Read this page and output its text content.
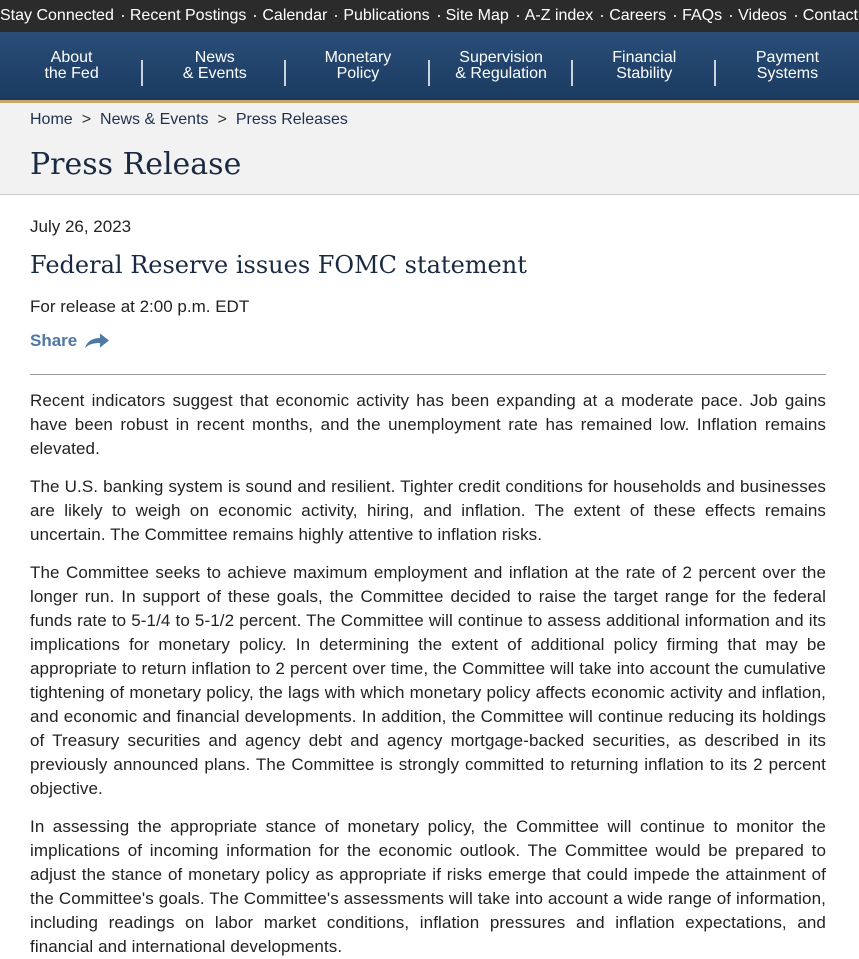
Stay Connected Recent Postings Calendar Publications Site Map A-Z index Careers FAQs Videos Contact
About
the Fed
News
& Events
Monetary
Policy
Supervision
& Regulation
Financial
Stability
Payment
Systems
Home > News & Events > Press Releases
Press Release
July 26, 2023
Federal Reserve issues FOMC statement
For release at 2:00 p.m. EDT
Share

Recent indicators suggest that economic activity has been expanding at a moderate pace. Job gains have been robust in recent months, and the unemployment rate has remained low. Inflation remains elevated.

The U.S. banking system is sound and resilient. Tighter credit conditions for households and businesses are likely to weigh on economic activity, hiring, and inflation. The extent of these effects remains uncertain. The Committee remains highly attentive to inflation risks.

The Committee seeks to achieve maximum employment and inflation at the rate of 2 percent over the longer run. In support of these goals, the Committee decided to raise the target range for the federal funds rate to 5-1/4 to 5-1/2 percent. The Committee will continue to assess additional information and its implications for monetary policy. In determining the extent of additional policy firming that may be appropriate to return inflation to 2 percent over time, the Committee will take into account the cumulative tightening of monetary policy, the lags with which monetary policy affects economic activity and inflation, and economic and financial developments. In addition, the Committee will continue reducing its holdings of Treasury securities and agency debt and agency mortgage-backed securities, as described in its previously announced plans. The Committee is strongly committed to returning inflation to its 2 percent objective.

In assessing the appropriate stance of monetary policy, the Committee will continue to monitor the implications of incoming information for the economic outlook. The Committee would be prepared to adjust the stance of monetary policy as appropriate if risks emerge that could impede the attainment of the Committee's goals. The Committee's assessments will take into account a wide range of information, including readings on labor market conditions, inflation pressures and inflation expectations, and financial and international developments.
